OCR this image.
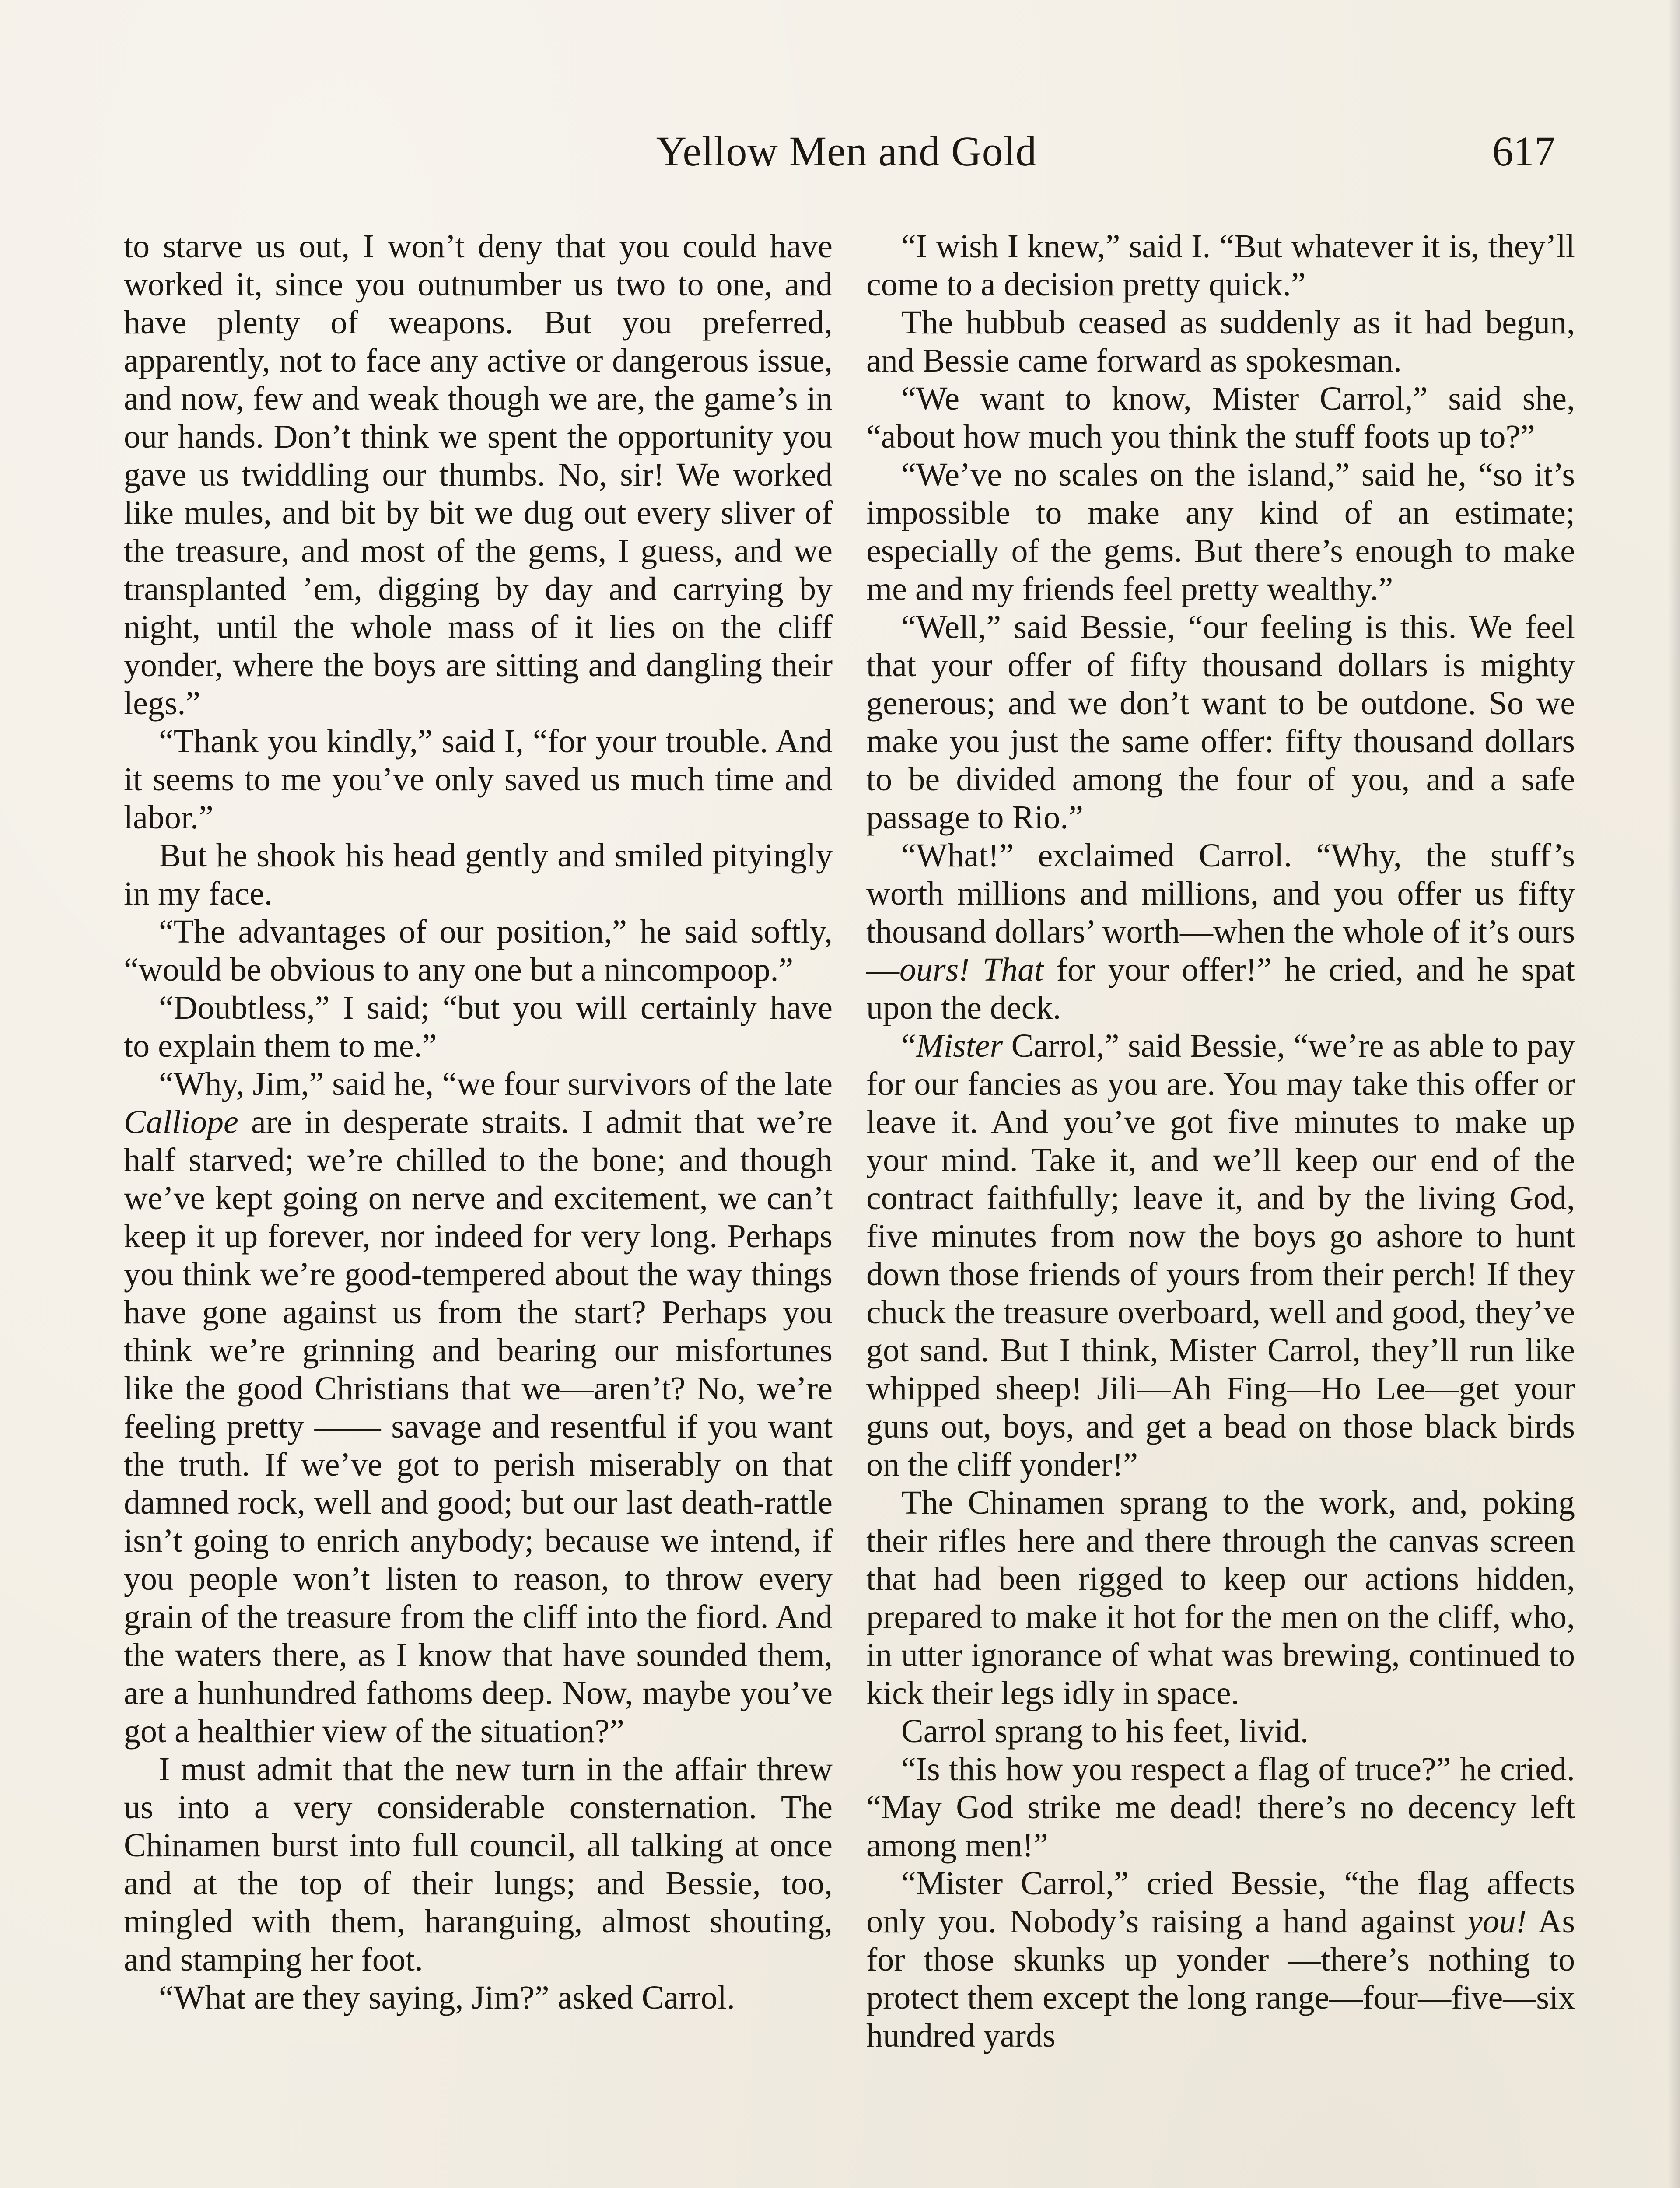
Yellow Men and Gold	617

to starve us out, I won’t deny that you could have worked it, since you outnumber us two to one, and have plenty of weapons. But you preferred, apparently, not to face any active or dangerous issue, and now, few and weak though we are, the game’s in our hands. Don’t think we spent the opportunity you gave us twiddling our thumbs. No, sir! We worked like mules, and bit by bit we dug out every sliver of the treasure, and most of the gems, I guess, and we transplanted ’em, digging by day and carrying by night, until the whole mass of it lies on the cliff yonder, where the boys are sitting and dangling their legs.”

“Thank you kindly,” said I, “for your trouble. And it seems to me you’ve only saved us much time and labor.”

But he shook his head gently and smiled pityingly in my face.

“The advantages of our position,” he said softly, “would be obvious to any one but a nincompoop.”

“Doubtless,” I said; “but you will certainly have to explain them to me.”

“Why, Jim,” said he, “we four survivors of the late Calliope are in desperate straits. I admit that we’re half starved; we’re chilled to the bone; and though we’ve kept going on nerve and excitement, we can’t keep it up forever, nor indeed for very long. Perhaps you think we’re good-tempered about the way things have gone against us from the start? Perhaps you think we’re grinning and bearing our misfortunes like the good Christians that we—aren’t? No, we’re feeling pretty —— savage and resentful if you want the truth. If we’ve got to perish miserably on that damned rock, well and good; but our last death-rattle isn’t going to enrich anybody; because we intend, if you people won’t listen to reason, to throw every grain of the treasure from the cliff into the fiord. And the waters there, as I know that have sounded them, are a hunhundred fathoms deep. Now, maybe you’ve got a healthier view of the situation?”

I must admit that the new turn in the affair threw us into a very considerable consternation. The Chinamen burst into full council, all talking at once and at the top of their lungs; and Bessie, too, mingled with them, haranguing, almost shouting, and stamping her foot.

“What are they saying, Jim?” asked Carrol.

“I wish I knew,” said I. “But whatever it is, they’ll come to a decision pretty quick.”

The hubbub ceased as suddenly as it had begun, and Bessie came forward as spokesman.

“We want to know, Mister Carrol,” said she, “about how much you think the stuff foots up to?”

“We’ve no scales on the island,” said he, “so it’s impossible to make any kind of an estimate; especially of the gems. But there’s enough to make me and my friends feel pretty wealthy.”

“Well,” said Bessie, “our feeling is this. We feel that your offer of fifty thousand dollars is mighty generous; and we don’t want to be outdone. So we make you just the same offer: fifty thousand dollars to be divided among the four of you, and a safe passage to Rio.”

“What!” exclaimed Carrol. “Why, the stuff’s worth millions and millions, and you offer us fifty thousand dollars’ worth—when the whole of it’s ours—ours! That for your offer!” he cried, and he spat upon the deck.

“Mister Carrol,” said Bessie, “we’re as able to pay for our fancies as you are. You may take this offer or leave it. And you’ve got five minutes to make up your mind. Take it, and we’ll keep our end of the contract faithfully; leave it, and by the living God, five minutes from now the boys go ashore to hunt down those friends of yours from their perch! If they chuck the treasure overboard, well and good, they’ve got sand. But I think, Mister Carrol, they’ll run like whipped sheep! Jili—Ah Fing—Ho Lee—get your guns out, boys, and get a bead on those black birds on the cliff yonder!”

The Chinamen sprang to the work, and, poking their rifles here and there through the canvas screen that had been rigged to keep our actions hidden, prepared to make it hot for the men on the cliff, who, in utter ignorance of what was brewing, continued to kick their legs idly in space.

Carrol sprang to his feet, livid.

“Is this how you respect a flag of truce?” he cried. “May God strike me dead! there’s no decency left among men!”

“Mister Carrol,” cried Bessie, “the flag affects only you. Nobody’s raising a hand against you! As for those skunks up yonder —there’s nothing to protect them except the long range—four—five—six hundred yards
